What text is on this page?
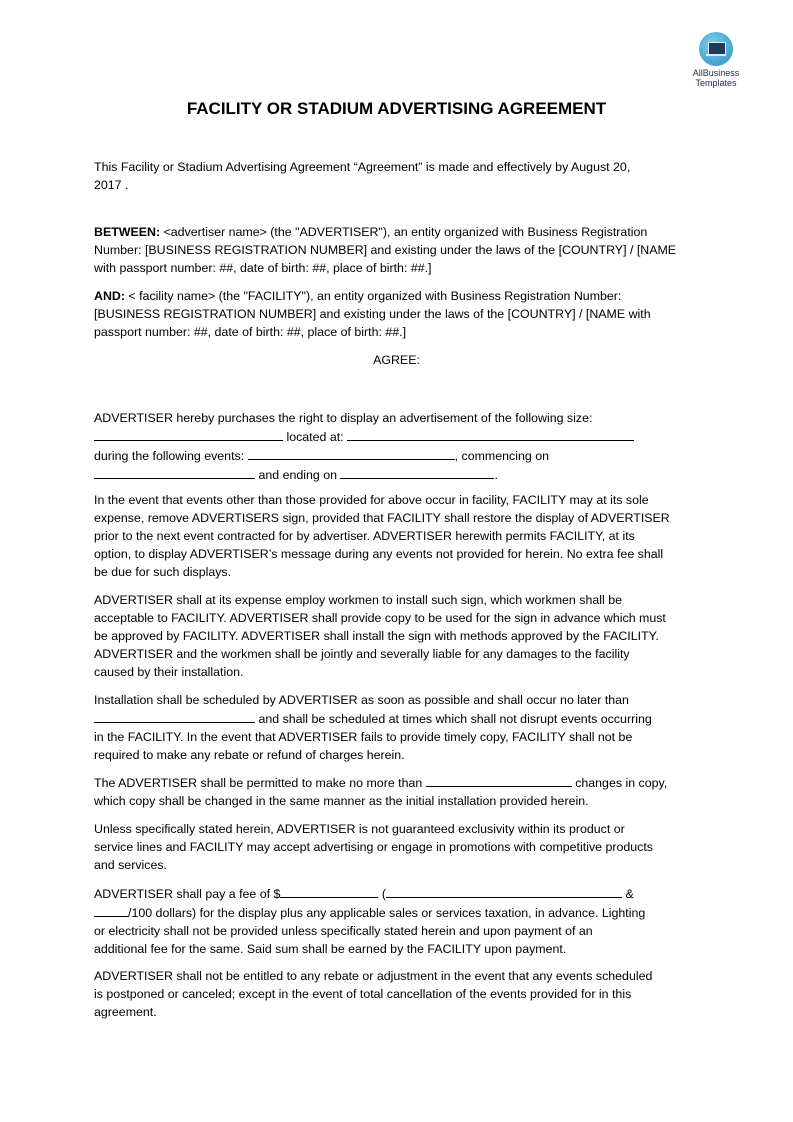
AllBusiness
Templates
FACILITY OR STADIUM ADVERTISING AGREEMENT
This Facility or Stadium Advertising Agreement “Agreement” is made and effectively by August 20,
2017 .
BETWEEN: <advertiser name> (the "ADVERTISER"), an entity organized with Business Registration
Number: [BUSINESS REGISTRATION NUMBER] and existing under the laws of the [COUNTRY] / [NAME
with passport number: ##, date of birth: ##, place of birth: ##.]
AND: < facility name> (the "FACILITY"), an entity organized with Business Registration Number:
[BUSINESS REGISTRATION NUMBER] and existing under the laws of the [COUNTRY] / [NAME with
passport number: ##, date of birth: ##, place of birth: ##.]
AGREE:
ADVERTISER hereby purchases the right to display an advertisement of the following size:
located at:
during the following events:	, commencing on
and ending on	.
In the event that events other than those provided for above occur in facility, FACILITY may at its sole
expense, remove ADVERTISERS sign, provided that FACILITY shall restore the display of ADVERTISER
prior to the next event contracted for by advertiser. ADVERTISER herewith permits FACILITY, at its
option, to display ADVERTISER’s message during any events not provided for herein. No extra fee shall
be due for such displays.
ADVERTISER shall at its expense employ workmen to install such sign, which workmen shall be
acceptable to FACILITY. ADVERTISER shall provide copy to be used for the sign in advance which must
be approved by FACILITY. ADVERTISER shall install the sign with methods approved by the FACILITY.
ADVERTISER and the workmen shall be jointly and severally liable for any damages to the facility
caused by their installation.
Installation shall be scheduled by ADVERTISER as soon as possible and shall occur no later than
and shall be scheduled at times which shall not disrupt events occurring
in the FACILITY. In the event that ADVERTISER fails to provide timely copy, FACILITY shall not be
required to make any rebate or refund of charges herein.
The ADVERTISER shall be permitted to make no more than	changes in copy,
which copy shall be changed in the same manner as the initial installation provided herein.
Unless specifically stated herein, ADVERTISER is not guaranteed exclusivity within its product or
service lines and FACILITY may accept advertising or engage in promotions with competitive products
and services.
ADVERTISER shall pay a fee of $	(	&
/100 dollars) for the display plus any applicable sales or services taxation, in advance. Lighting
or electricity shall not be provided unless specifically stated herein and upon payment of an
additional fee for the same. Said sum shall be earned by the FACILITY upon payment.
ADVERTISER shall not be entitled to any rebate or adjustment in the event that any events scheduled
is postponed or canceled; except in the event of total cancellation of the events provided for in this
agreement.
